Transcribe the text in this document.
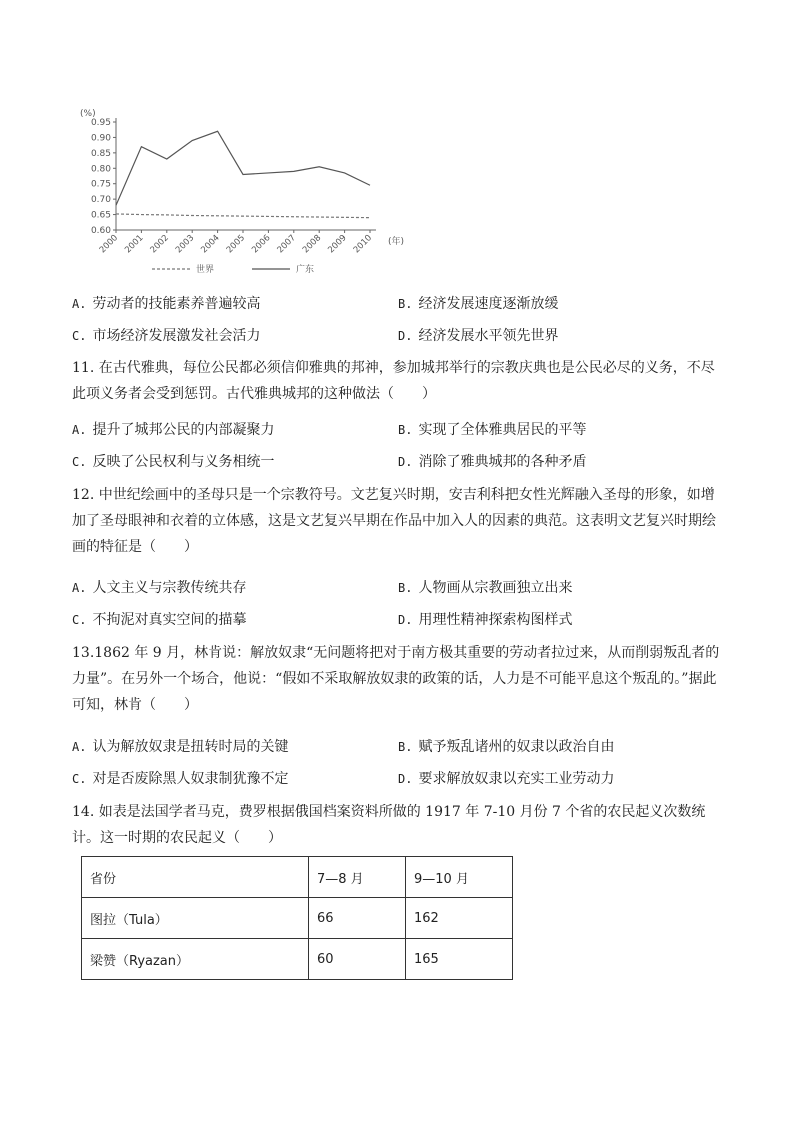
(%)
(年)
0.95
0.90
0.85
0.80
0.75
0.70
0.65
0.60
2000 2001 2002 2003 2004 2005 2006 2007 2008 2009 2010
世界	广东
A. 劳动者的技能素养普遍较高	B. 经济发展速度逐渐放缓
C. 市场经济发展激发社会活力	D. 经济发展水平领先世界
11. 在古代雅典，每位公民都必须信仰雅典的邦神，参加城邦举行的宗教庆典也是公民必尽的义务，不尽此项义务者会受到惩罚。古代雅典城邦的这种做法（　　）
A. 提升了城邦公民的内部凝聚力	B. 实现了全体雅典居民的平等
C. 反映了公民权利与义务相统一	D. 消除了雅典城邦的各种矛盾
12. 中世纪绘画中的圣母只是一个宗教符号。文艺复兴时期，安吉利科把女性光辉融入圣母的形象，如增加了圣母眼神和衣着的立体感，这是文艺复兴早期在作品中加入人的因素的典范。这表明文艺复兴时期绘画的特征是（　　）
A. 人文主义与宗教传统共存	B. 人物画从宗教画独立出来
C. 不拘泥对真实空间的描摹	D. 用理性精神探索构图样式
13.1862 年 9 月，林肯说：解放奴隶“无问题将把对于南方极其重要的劳动者拉过来，从而削弱叛乱者的力量”。在另外一个场合，他说：“假如不采取解放奴隶的政策的话，人力是不可能平息这个叛乱的。”据此可知，林肯（　　）
A. 认为解放奴隶是扭转时局的关键	B. 赋予叛乱诸州的奴隶以政治自由
C. 对是否废除黑人奴隶制犹豫不定	D. 要求解放奴隶以充实工业劳动力
14. 如表是法国学者马克，费罗根据俄国档案资料所做的 1917 年 7-10 月份 7 个省的农民起义次数统计。这一时期的农民起义（　　）
省份	7—8 月	9—10 月
图拉（Tula）	66	162
梁赞（Ryazan）	60	165
